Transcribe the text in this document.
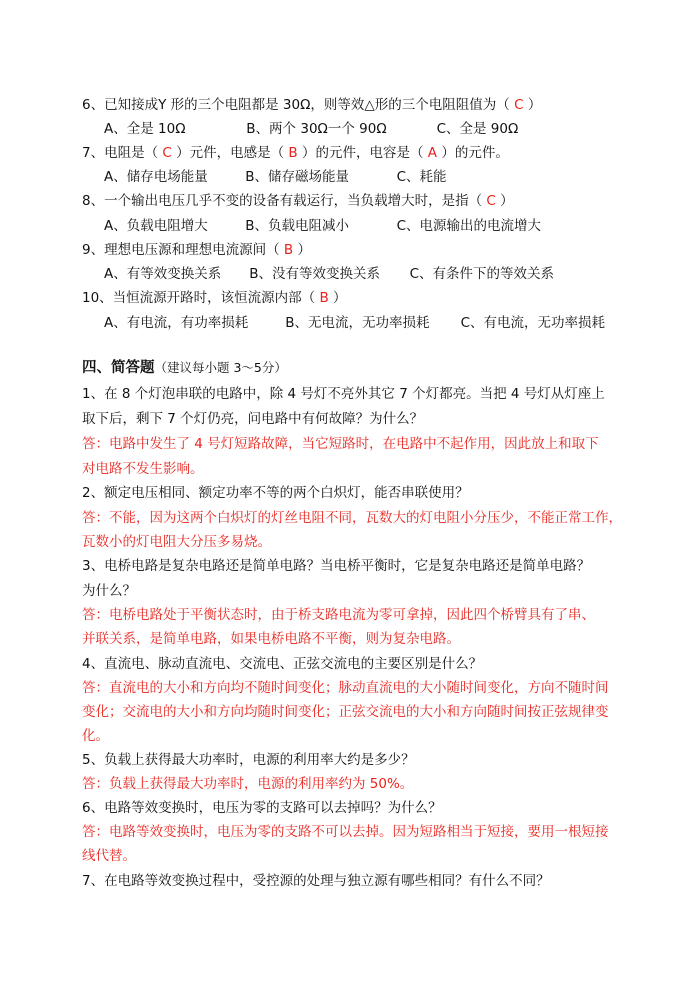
6、已知接成Y 形的三个电阻都是 30Ω，则等效△形的三个电阻阻值为（ C ）
A、全是 10Ω	B、两个 30Ω一个 90Ω	C、全是 90Ω
7、电阻是（ C ）元件，电感是（ B ）的元件，电容是（ A ）的元件。
A、储存电场能量	B、储存磁场能量	C、耗能
8、一个输出电压几乎不变的设备有载运行，当负载增大时，是指（ C ）
A、负载电阻增大	B、负载电阻减小	C、电源输出的电流增大
9、理想电压源和理想电流源间（ B ）
A、有等效变换关系 B、没有等效变换关系 C、有条件下的等效关系
10、当恒流源开路时，该恒流源内部（ B ）
A、有电流，有功率损耗	B、无电流，无功率损耗 C、有电流，无功率损耗
四、简答题（建议每小题 3～5分）
1、在 8 个灯泡串联的电路中，除 4 号灯不亮外其它 7 个灯都亮。当把 4 号灯从灯座上
取下后，剩下 7 个灯仍亮，问电路中有何故障？为什么？
答：电路中发生了 4 号灯短路故障，当它短路时，在电路中不起作用，因此放上和取下
对电路不发生影响。
2、额定电压相同、额定功率不等的两个白炽灯，能否串联使用？
答：不能，因为这两个白炽灯的灯丝电阻不同，瓦数大的灯电阻小分压少，不能正常工作，
瓦数小的灯电阻大分压多易烧。
3、电桥电路是复杂电路还是简单电路？当电桥平衡时，它是复杂电路还是简单电路？
为什么？
答：电桥电路处于平衡状态时，由于桥支路电流为零可拿掉，因此四个桥臂具有了串、
并联关系，是简单电路，如果电桥电路不平衡，则为复杂电路。
4、直流电、脉动直流电、交流电、正弦交流电的主要区别是什么？
答：直流电的大小和方向均不随时间变化；脉动直流电的大小随时间变化，方向不随时间
变化；交流电的大小和方向均随时间变化；正弦交流电的大小和方向随时间按正弦规律变
化。
5、负载上获得最大功率时，电源的利用率大约是多少？
答：负载上获得最大功率时，电源的利用率约为 50%。
6、电路等效变换时，电压为零的支路可以去掉吗？为什么？
答：电路等效变换时，电压为零的支路不可以去掉。因为短路相当于短接，要用一根短接
线代替。
7、在电路等效变换过程中，受控源的处理与独立源有哪些相同？有什么不同？
